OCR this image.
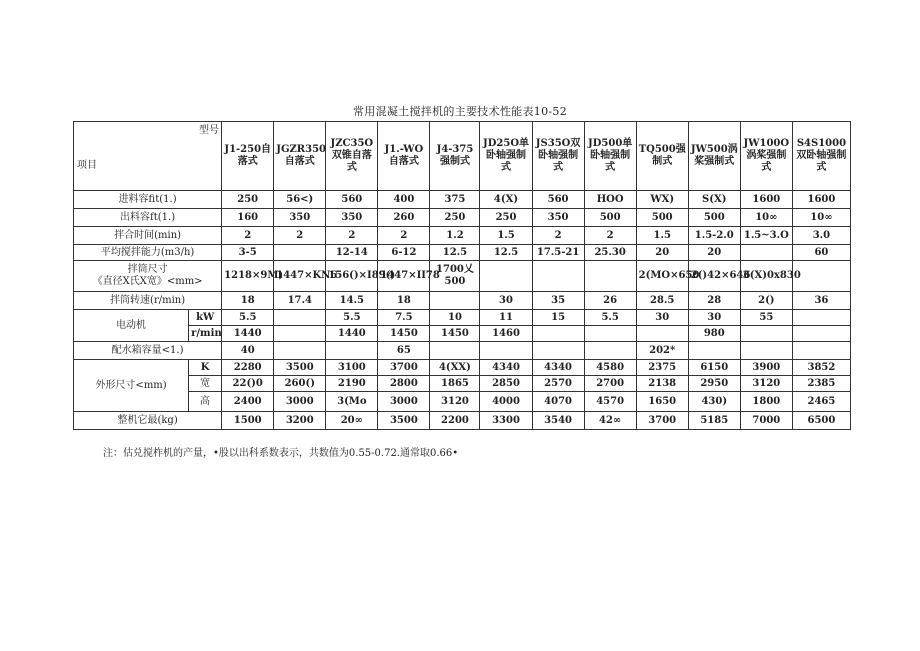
常用混凝土搅拌机的主要技术性能表10-52
型号
项目		J1-250自落式	JGZR350自落式	JZC35O双锥自落式	J1.-WO自落式	J4-375强制式	JD25O单卧轴强制式	JS35O双卧轴强制式	JD500单卧轴强制式	TQ500强制式	JW500涡桨强制式	JW100O涡桨强制式	S4S1000双卧轴强制式
进料容fit(1.)		250	56<)	560	400	375	4(X)	560	HOO	WX)	S(X)	1600	1600
出料容ft(1.)		160	350	350	260	250	250	350	500	500	500	10∞	10∞
拌合时间(min)		2	2	2	2	1.2	1.5	2	2	1.5	1.5-2.0	1.5~3.O	3.0
平均搅拌能力(m3/h)		3-5		12-14	6-12	12.5	12.5	17.5-21	25.30	20	20		60

拌筒尺寸
《直径X氏X宽》<mm>		1218×9M)	1447×KN6	156()×I89()	1447×II78	1700乂500				2(MO×650	2()42×646	3(X)0x830	
拌筒转速(r/min)		18	17.4	14.5	18		30	35	26	28.5	28	2()	36
电动机	kW	5.5		5.5	7.5	10	11	15	5.5	30	30	55	
	r/min	1440		1440	1450	1450	1460				980		
配水箱容量<1.)		40			65					202*			
外形尺寸<mm)	K	2280	3500	3100	3700	4(XX)	4340	4340	4580	2375	6150	3900	3852
	宽	22()0	260()	2190	2800	1865	2850	2570	2700	2138	2950	3120	2385
	高	2400	3000	3(Mo	3000	3120	4000	4070	4570	1650	430)	1800	2465
整机它最(kg)		1500	3200	20∞	3500	2200	3300	3540	42∞	3700	5185	7000	6500
注：估兑搅柞机的产量，•股以出科系数表示，共数值为0.55-0.72.通常取0.66•
